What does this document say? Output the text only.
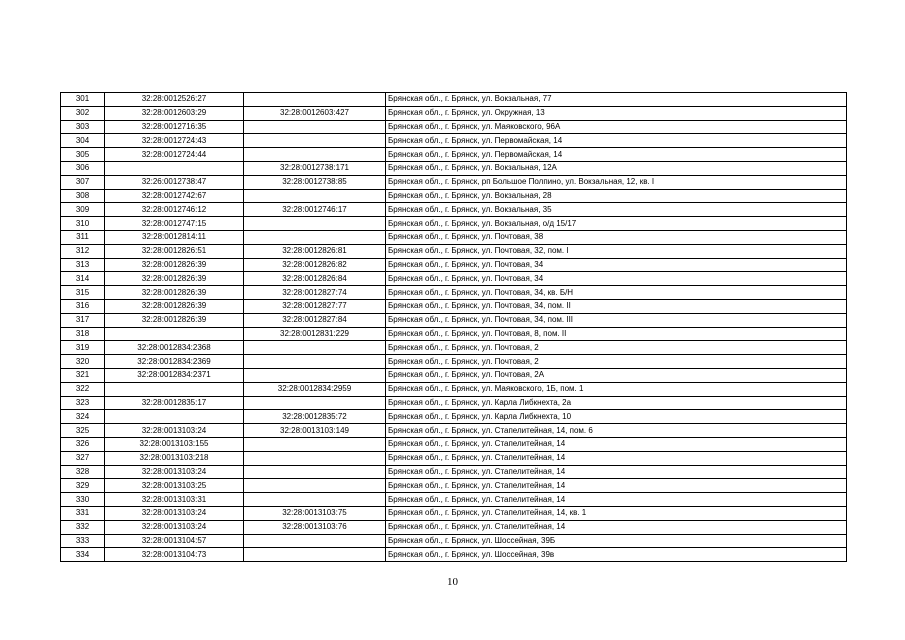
301	32:28:0012526:27		Брянская обл., г. Брянск, ул. Вокзальная, 77
302	32:28:0012603:29	32:28:0012603:427	Брянская обл., г. Брянск, ул. Окружная, 13
303	32:28:0012716:35		Брянская обл., г. Брянск, ул. Маяковского, 96А
304	32:28:0012724:43		Брянская обл., г. Брянск, ул. Первомайская, 14
305	32:28:0012724:44		Брянская обл., г. Брянск, ул. Первомайская, 14
306		32:28:0012738:171	Брянская обл., г. Брянск, ул. Вокзальная, 12А
307	32:26:0012738:47	32:28:0012738:85	Брянская обл., г. Брянск, рп Большое Полпино, ул. Вокзальная, 12, кв. I
308	32:28:0012742:67		Брянская обл., г. Брянск, ул. Вокзальная, 28
309	32:28:0012746:12	32:28:0012746:17	Брянская обл., г. Брянск, ул. Вокзальная, 35
310	32:28:0012747:15		Брянская обл., г. Брянск, ул. Вокзальная, о/д 15/17
311	32:28:0012814:11		Брянская обл., г. Брянск, ул. Почтовая, 38
312	32:28:0012826:51	32:28:0012826:81	Брянская обл., г. Брянск, ул. Почтовая, 32, пом. I
313	32:28:0012826:39	32:28:0012826:82	Брянская обл., г. Брянск, ул. Почтовая, 34
314	32:28:0012826:39	32:28:0012826:84	Брянская обл., г. Брянск, ул. Почтовая, 34
315	32:28:0012826:39	32:28:0012827:74	Брянская обл., г. Брянск, ул. Почтовая, 34, кв. Б/Н
316	32:28:0012826:39	32:28:0012827:77	Брянская обл., г. Брянск, ул. Почтовая, 34, пом. II
317	32:28:0012826:39	32:28:0012827:84	Брянская обл., г. Брянск, ул. Почтовая, 34, пом. III
318		32:28:0012831:229	Брянская обл., г. Брянск, ул. Почтовая, 8, пом. II
319	32:28:0012834:2368		Брянская обл., г. Брянск, ул. Почтовая, 2
320	32:28:0012834:2369		Брянская обл., г. Брянск, ул. Почтовая, 2
321	32:28:0012834:2371		Брянская обл., г. Брянск, ул. Почтовая, 2А
322		32:28:0012834:2959	Брянская обл., г. Брянск, ул. Маяковского, 1Б, пом. 1
323	32:28:0012835:17		Брянская обл., г. Брянск, ул. Карла Либкнехта, 2а
324		32:28:0012835:72	Брянская обл., г. Брянск, ул. Карла Либкнехта, 10
325	32:28:0013103:24	32:28:0013103:149	Брянская обл., г. Брянск, ул. Стапелитейная, 14, пом. 6
326	32:28:0013103:155		Брянская обл., г. Брянск, ул. Стапелитейная, 14
327	32:28:0013103:218		Брянская обл., г. Брянск, ул. Стапелитейная, 14
328	32:28:0013103:24		Брянская обл., г. Брянск, ул. Стапелитейная, 14
329	32:28:0013103:25		Брянская обл., г. Брянск, ул. Стапелитейная, 14
330	32:28:0013103:31		Брянская обл., г. Брянск, ул. Стапелитейная, 14
331	32:28:0013103:24	32:28:0013103:75	Брянская обл., г. Брянск, ул. Стапелитейная, 14, кв. 1
332	32:28:0013103:24	32:28:0013103:76	Брянская обл., г. Брянск, ул. Стапелитейная, 14
333	32:28:0013104:57		Брянская обл., г. Брянск, ул. Шоссейная, 39Б
334	32:28:0013104:73		Брянская обл., г. Брянск, ул. Шоссейная, 39в
10
